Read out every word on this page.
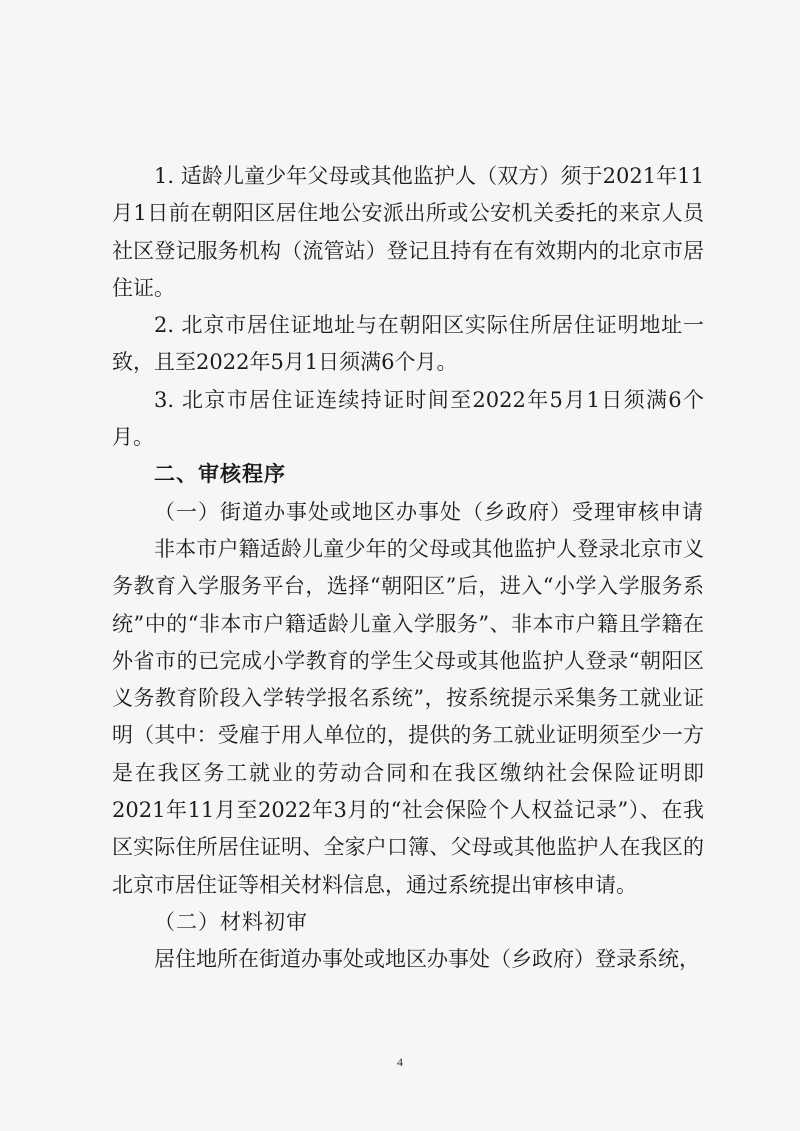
1. 适龄儿童少年父母或其他监护人（双方）须于2021年11月1日前在朝阳区居住地公安派出所或公安机关委托的来京人员社区登记服务机构（流管站）登记且持有在有效期内的北京市居住证。

2. 北京市居住证地址与在朝阳区实际住所居住证明地址一致，且至2022年5月1日须满6个月。

3. 北京市居住证连续持证时间至2022年5月1日须满6个月。

二、审核程序

（一）街道办事处或地区办事处（乡政府）受理审核申请

非本市户籍适龄儿童少年的父母或其他监护人登录北京市义务教育入学服务平台，选择“朝阳区”后，进入“小学入学服务系统”中的“非本市户籍适龄儿童入学服务”、非本市户籍且学籍在外省市的已完成小学教育的学生父母或其他监护人登录“朝阳区义务教育阶段入学转学报名系统”，按系统提示采集务工就业证明（其中：受雇于用人单位的，提供的务工就业证明须至少一方是在我区务工就业的劳动合同和在我区缴纳社会保险证明即2021年11月至2022年3月的“社会保险个人权益记录”）、在我区实际住所居住证明、全家户口簿、父母或其他监护人在我区的北京市居住证等相关材料信息，通过系统提出审核申请。

（二）材料初审

居住地所在街道办事处或地区办事处（乡政府）登录系统，

4
